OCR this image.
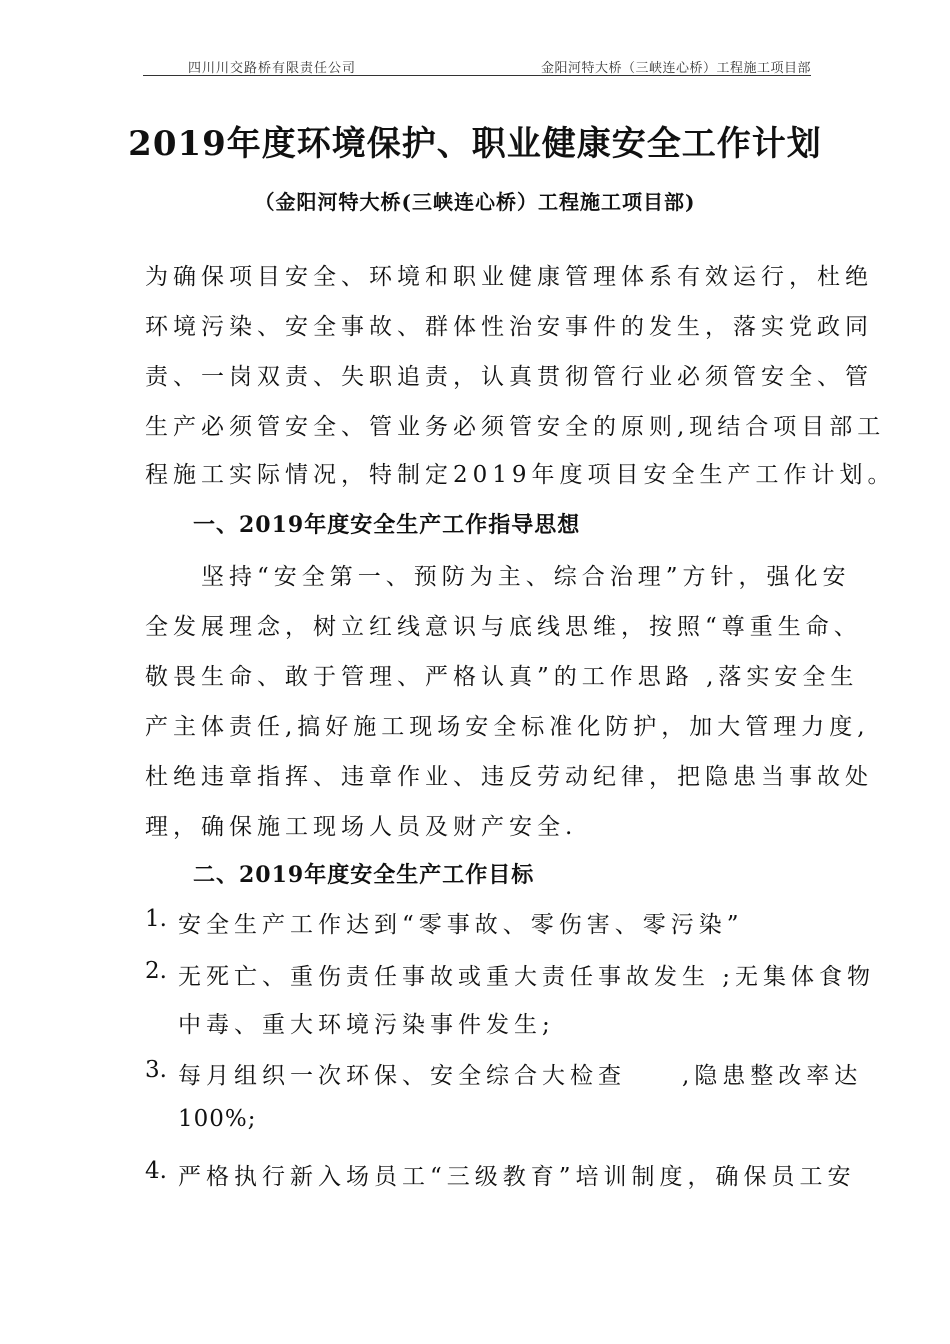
四川川交路桥有限责任公司	金阳河特大桥（三峡连心桥）工程施工项目部
2019年度环境保护、职业健康安全工作计划
（金阳河特大桥(三峡连心桥）工程施工项目部)
为确保项目安全、环境和职业健康管理体系有效运行，杜绝
环境污染、安全事故、群体性治安事件的发生，落实党政同
责、一岗双责、失职追责，认真贯彻管行业必须管安全、管
生产必须管安全、管业务必须管安全的原则,现结合项目部工
程施工实际情况，特制定2019年度项目安全生产工作计划。
一、2019年度安全生产工作指导思想
　　坚持“安全第一、预防为主、综合治理”方针，强化安
全发展理念，树立红线意识与底线思维，按照“尊重生命、
敬畏生命、敢于管理、严格认真”的工作思路 ,落实安全生
产主体责任,搞好施工现场安全标准化防护，加大管理力度,
杜绝违章指挥、违章作业、违反劳动纪律，把隐患当事故处
理，确保施工现场人员及财产安全.
二、2019年度安全生产工作目标
1. 安全生产工作达到“零事故、零伤害、零污染”
2. 无死亡、重伤责任事故或重大责任事故发生 ;无集体食物
中毒、重大环境污染事件发生;
3. 每月组织一次环保、安全综合大检查　　,隐患整改率达
100%;
4. 严格执行新入场员工“三级教育”培训制度，确保员工安
